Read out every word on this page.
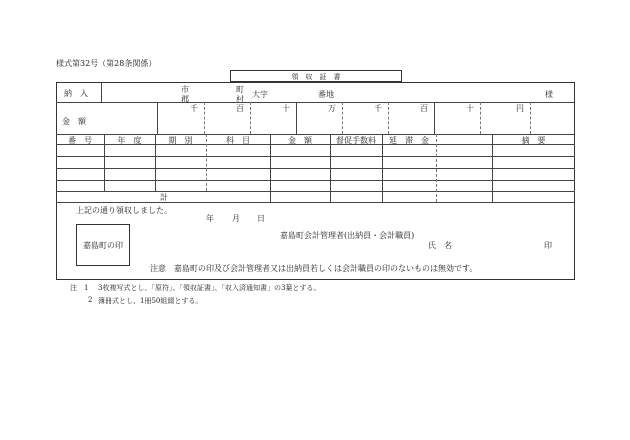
様式第32号（第28条関係）
領　収　証　書
納　入	市
郡
町
村
大字	番地	様
金　額
千	百	十	万	千	百	十	円
番　号	年　度	期　別	科　目	金　額	督促手数料	延　滞　金	摘　要
計
上記の通り領収しました。
年 月 日
嘉島町の印
嘉島町会計管理者(出納員・会計職員)
氏　名	印
注意　嘉島町の印及び会計管理者又は出納員若しくは会計職員の印のないものは無効です。
注　1 3枚複写式とし、「原符」、「領収証書」、「収入済通知書」の3葉とする。
2 簿冊式とし、1冊50組綴とする。
